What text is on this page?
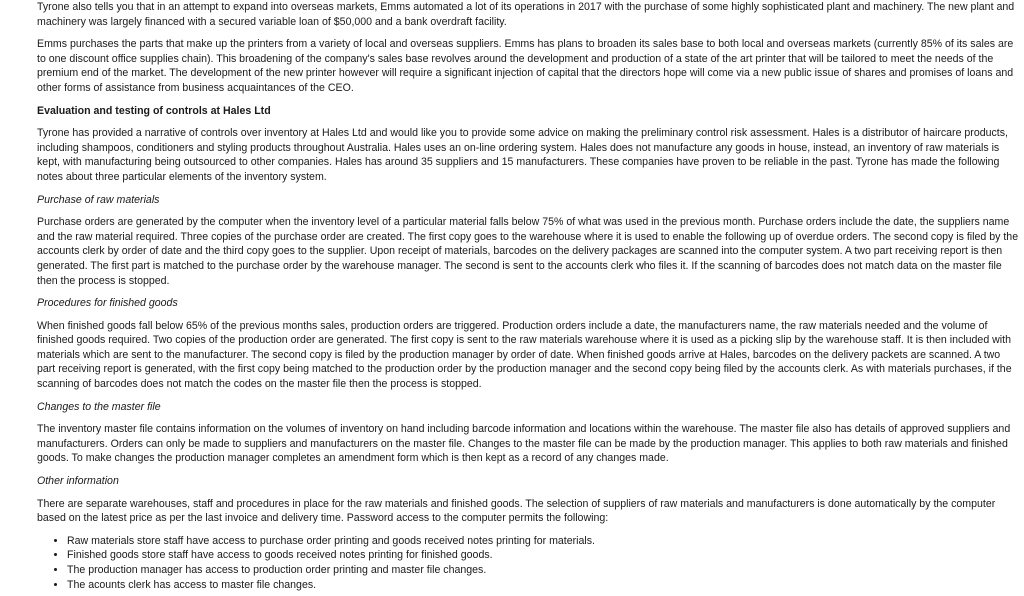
Tyrone also tells you that in an attempt to expand into overseas markets, Emms automated a lot of its operations in 2017 with the purchase of some highly sophisticated plant and machinery. The new plant and machinery was largely financed with a secured variable loan of $50,000 and a bank overdraft facility.

Emms purchases the parts that make up the printers from a variety of local and overseas suppliers. Emms has plans to broaden its sales base to both local and overseas markets (currently 85% of its sales are to one discount office supplies chain). This broadening of the company's sales base revolves around the development and production of a state of the art printer that will be tailored to meet the needs of the premium end of the market. The development of the new printer however will require a significant injection of capital that the directors hope will come via a new public issue of shares and promises of loans and other forms of assistance from business acquaintances of the CEO.

Evaluation and testing of controls at Hales Ltd

Tyrone has provided a narrative of controls over inventory at Hales Ltd and would like you to provide some advice on making the preliminary control risk assessment. Hales is a distributor of haircare products, including shampoos, conditioners and styling products throughout Australia. Hales uses an on-line ordering system. Hales does not manufacture any goods in house, instead, an inventory of raw materials is kept, with manufacturing being outsourced to other companies. Hales has around 35 suppliers and 15 manufacturers. These companies have proven to be reliable in the past. Tyrone has made the following notes about three particular elements of the inventory system.

Purchase of raw materials

Purchase orders are generated by the computer when the inventory level of a particular material falls below 75% of what was used in the previous month. Purchase orders include the date, the suppliers name and the raw material required. Three copies of the purchase order are created. The first copy goes to the warehouse where it is used to enable the following up of overdue orders. The second copy is filed by the accounts clerk by order of date and the third copy goes to the supplier. Upon receipt of materials, barcodes on the delivery packages are scanned into the computer system. A two part receiving report is then generated. The first part is matched to the purchase order by the warehouse manager. The second is sent to the accounts clerk who files it. If the scanning of barcodes does not match data on the master file then the process is stopped.

Procedures for finished goods

When finished goods fall below 65% of the previous months sales, production orders are triggered. Production orders include a date, the manufacturers name, the raw materials needed and the volume of finished goods required. Two copies of the production order are generated. The first copy is sent to the raw materials warehouse where it is used as a picking slip by the warehouse staff. It is then included with materials which are sent to the manufacturer. The second copy is filed by the production manager by order of date. When finished goods arrive at Hales, barcodes on the delivery packets are scanned. A two part receiving report is generated, with the first copy being matched to the production order by the production manager and the second copy being filed by the accounts clerk. As with materials purchases, if the scanning of barcodes does not match the codes on the master file then the process is stopped.

Changes to the master file

The inventory master file contains information on the volumes of inventory on hand including barcode information and locations within the warehouse. The master file also has details of approved suppliers and manufacturers. Orders can only be made to suppliers and manufacturers on the master file. Changes to the master file can be made by the production manager. This applies to both raw materials and finished goods. To make changes the production manager completes an amendment form which is then kept as a record of any changes made.

Other information

There are separate warehouses, staff and procedures in place for the raw materials and finished goods. The selection of suppliers of raw materials and manufacturers is done automatically by the computer based on the latest price as per the last invoice and delivery time. Password access to the computer permits the following:

• Raw materials store staff have access to purchase order printing and goods received notes printing for materials.
• Finished goods store staff have access to goods received notes printing for finished goods.
• The production manager has access to production order printing and master file changes.
• The acounts clerk has access to master file changes.
